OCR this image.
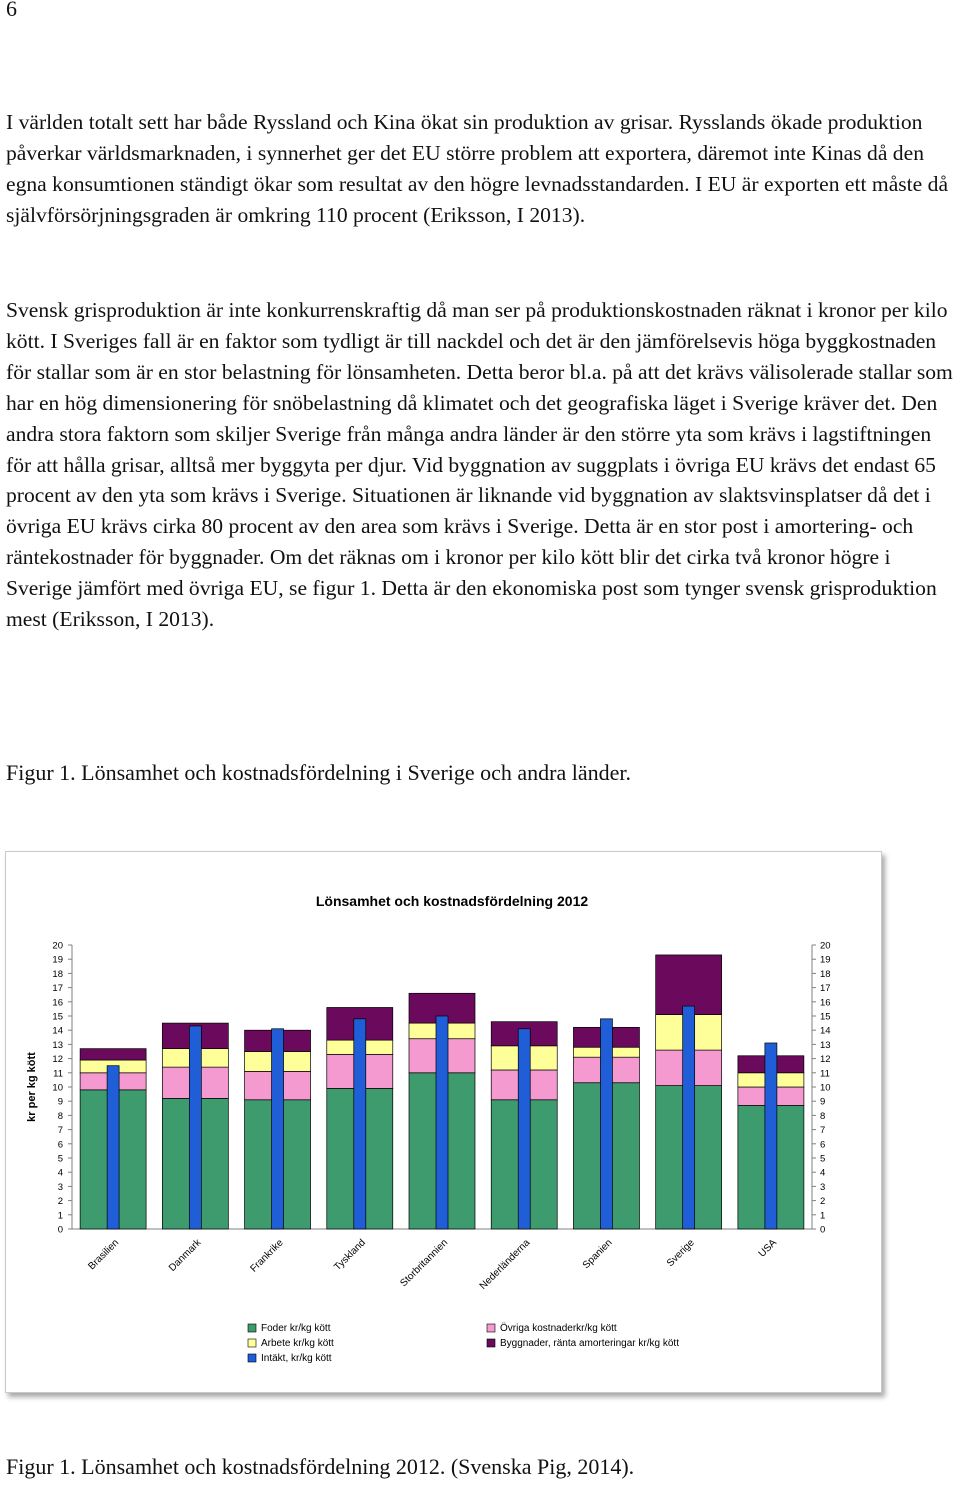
6

I världen totalt sett har både Ryssland och Kina ökat sin produktion av grisar. Rysslands ökade produktion påverkar världsmarknaden, i synnerhet ger det EU större problem att exportera, däremot inte Kinas då den egna konsumtionen ständigt ökar som resultat av den högre levnadsstandarden. I EU är exporten ett måste då självförsörjningsgraden är omkring 110 procent (Eriksson, I 2013).

Svensk grisproduktion är inte konkurrenskraftig då man ser på produktionskostnaden räknat i kronor per kilo kött. I Sveriges fall är en faktor som tydligt är till nackdel och det är den jämförelsevis höga byggkostnaden för stallar som är en stor belastning för lönsamheten. Detta beror bl.a. på att det krävs välisolerade stallar som har en hög dimensionering för snöbelastning då klimatet och det geografiska läget i Sverige kräver det. Den andra stora faktorn som skiljer Sverige från många andra länder är den större yta som krävs i lagstiftningen för att hålla grisar, alltså mer byggyta per djur. Vid byggnation av suggplats i övriga EU krävs det endast 65 procent av den yta som krävs i Sverige. Situationen är liknande vid byggnation av slaktsvinsplatser då det i övriga EU krävs cirka 80 procent av den area som krävs i Sverige. Detta är en stor post i amortering- och räntekostnader för byggnader. Om det räknas om i kronor per kilo kött blir det cirka två kronor högre i Sverige jämfört med övriga EU, se figur 1. Detta är den ekonomiska post som tynger svensk grisproduktion mest (Eriksson, I 2013).

Figur 1. Lönsamhet och kostnadsfördelning i Sverige och andra länder.

Lönsamhet och kostnadsfördelning 2012
kr per kg kött
0	0
1	1
2	2
3	3
4	4
5	5
6	6
7	7
8	8
9	9
10	10
11	11
12	12
13	13
14	14
15	15
16	16
17	17
18	18
19	19
20	20
Brasilien	Danmark	Frankrike	Tyskland	Storbritannien	Nederländerna	Spanien	Sverige	USA
Foder kr/kg kött	Övriga kostnaderkr/kg kött
Arbete kr/kg kött	Byggnader, ränta amorteringar kr/kg kött
Intäkt, kr/kg kött

Figur 1. Lönsamhet och kostnadsfördelning 2012. (Svenska Pig, 2014).
